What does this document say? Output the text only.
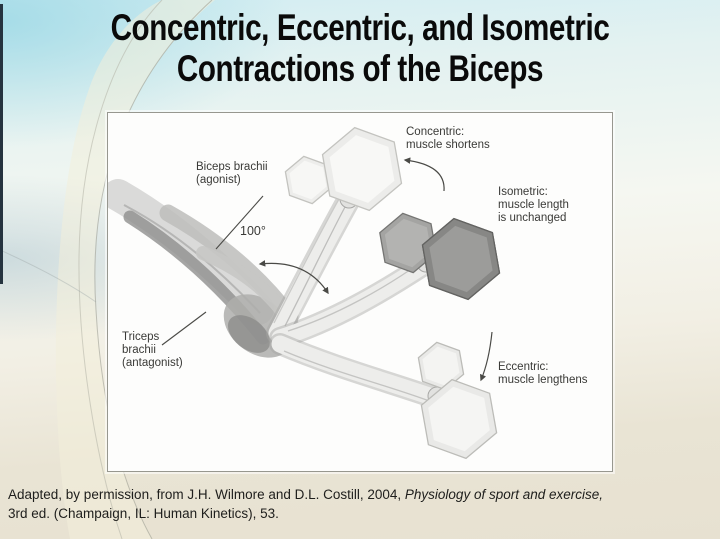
Concentric, Eccentric, and Isometric
Contractions of the Biceps
Biceps brachii
(agonist)
100°
Concentric:
muscle shortens
Isometric:
muscle length
is unchanged
Triceps
brachii
(antagonist)	Eccentric:
muscle lengthens
Adapted, by permission, from J.H. Wilmore and D.L. Costill, 2004, Physiology of sport and exercise,
3rd ed. (Champaign, IL: Human Kinetics), 53.
